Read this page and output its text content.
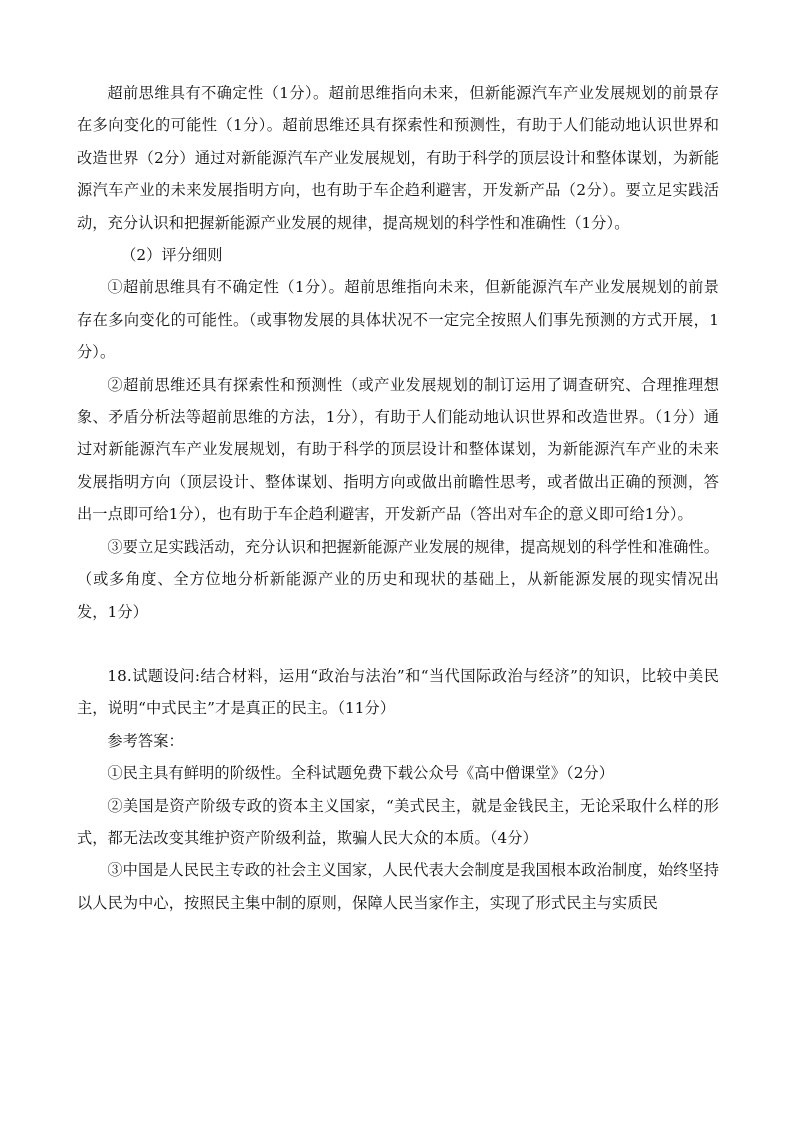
超前思维具有不确定性（1分）。超前思维指向未来，但新能源汽车产业发展规划的前景存在多向变化的可能性（1分）。超前思维还具有探索性和预测性，有助于人们能动地认识世界和改造世界（2分）通过对新能源汽车产业发展规划，有助于科学的顶层设计和整体谋划，为新能源汽车产业的未来发展指明方向，也有助于车企趋利避害，开发新产品（2分）。要立足实践活动，充分认识和把握新能源产业发展的规律，提高规划的科学性和准确性（1分）。

（2）评分细则

①超前思维具有不确定性（1分）。超前思维指向未来，但新能源汽车产业发展规划的前景存在多向变化的可能性。（或事物发展的具体状况不一定完全按照人们事先预测的方式开展，1分）。

②超前思维还具有探索性和预测性（或产业发展规划的制订运用了调查研究、合理推理想象、矛盾分析法等超前思维的方法，1分），有助于人们能动地认识世界和改造世界。（1分）通过对新能源汽车产业发展规划，有助于科学的顶层设计和整体谋划，为新能源汽车产业的未来发展指明方向（顶层设计、整体谋划、指明方向或做出前瞻性思考，或者做出正确的预测，答出一点即可给1分），也有助于车企趋利避害，开发新产品（答出对车企的意义即可给1分）。

③要立足实践活动，充分认识和把握新能源产业发展的规律，提高规划的科学性和准确性。（或多角度、全方位地分析新能源产业的历史和现状的基础上，从新能源发展的现实情况出发，1分）

18.试题设问:结合材料，运用“政治与法治”和“当代国际政治与经济”的知识，比较中美民主，说明“中式民主”才是真正的民主。（11分）

参考答案：

①民主具有鲜明的阶级性。全科试题免费下载公众号《高中僧课堂》（2分）

②美国是资产阶级专政的资本主义国家，“美式民主，就是金钱民主，无论采取什么样的形式，都无法改变其维护资产阶级利益，欺骗人民大众的本质。（4分）

③中国是人民民主专政的社会主义国家，人民代表大会制度是我国根本政治制度，始终坚持以人民为中心，按照民主集中制的原则，保障人民当家作主，实现了形式民主与实质民
